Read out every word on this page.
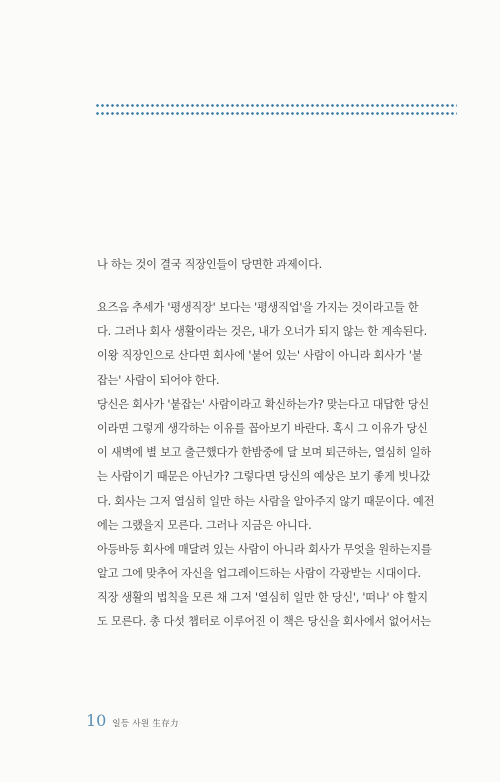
나 하는 것이 결국 직장인들이 당면한 과제이다.
요즈음 추세가 '평생직장' 보다는 '평생직업'을 가지는 것이라고들 한
다. 그러나 회사 생활이라는 것은, 내가 오너가 되지 않는 한 계속된다.
이왕 직장인으로 산다면 회사에 '붙어 있는' 사람이 아니라 회사가 '붙
잡는' 사람이 되어야 한다.
당신은 회사가 '붙잡는' 사람이라고 확신하는가? 맞는다고 대답한 당신
이라면 그렇게 생각하는 이유를 꼽아보기 바란다. 혹시 그 이유가 당신
이 새벽에 별 보고 출근했다가 한밤중에 달 보며 퇴근하는, 열심히 일하
는 사람이기 때문은 아닌가? 그렇다면 당신의 예상은 보기 좋게 빗나갔
다. 회사는 그저 열심히 일만 하는 사람을 알아주지 않기 때문이다. 예전
에는 그랬을지 모른다. 그러나 지금은 아니다.
아등바등 회사에 매달려 있는 사람이 아니라 회사가 무엇을 원하는지를
알고 그에 맞추어 자신을 업그레이드하는 사람이 각광받는 시대이다.
직장 생활의 법칙을 모른 채 그저 '열심히 일만 한 당신', '떠나' 야 할지
도 모른다. 총 다섯 챕터로 이루어진 이 책은 당신을 회사에서 없어서는
10 일등 사원 生存力
